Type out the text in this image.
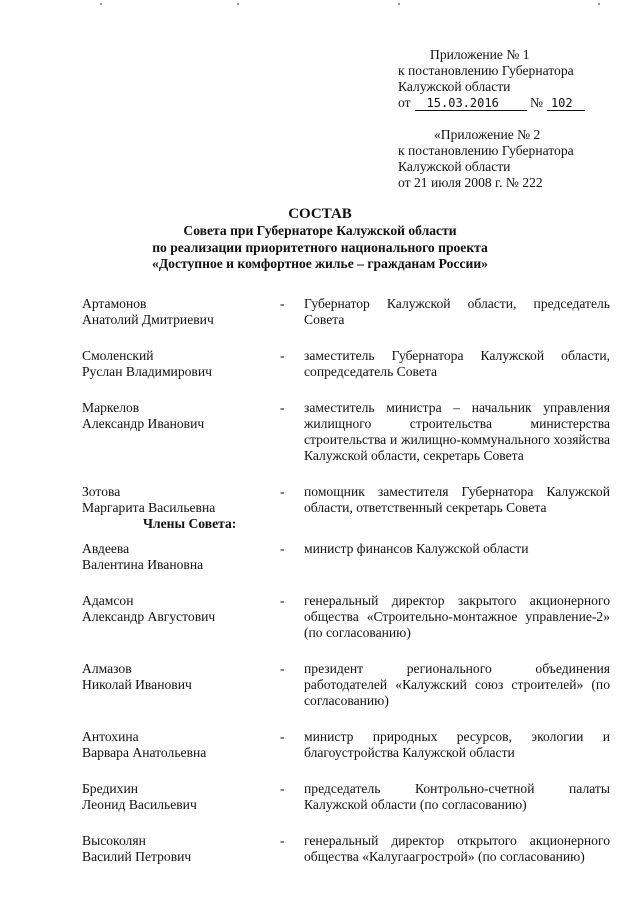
Приложение № 1
к постановлению Губернатора
Калужской области
от 15.03.2016 № 102
«Приложение № 2
к постановлению Губернатора
Калужской области
от 21 июля 2008 г. № 222
СОСТАВ
Совета при Губернаторе Калужской области
по реализации приоритетного национального проекта
«Доступное и комфортное жилье – гражданам России»
Артамонов
Анатолий Дмитриевич
-	Губернатор Калужской области, председатель Совета
Смоленский
Руслан Владимирович
-	заместитель Губернатора Калужской области, сопредседатель Совета
Маркелов
Александр Иванович
-	заместитель министра – начальник управления жилищного строительства министерства строительства и жилищно-коммунального хозяйства Калужской области, секретарь Совета
Зотова
Маргарита Васильевна
-	помощник заместителя Губернатора Калужской области, ответственный секретарь Совета
Члены Совета:
Авдеева
Валентина Ивановна
-	министр финансов Калужской области
Адамсон
Александр Августович
-	генеральный директор закрытого акционерного общества «Строительно-монтажное управление-2» (по согласованию)
Алмазов
Николай Иванович
-	президент регионального объединения работодателей «Калужский союз строителей» (по согласованию)
Антохина
Варвара Анатольевна
-	министр природных ресурсов, экологии и благоустройства Калужской области
Бредихин
Леонид Васильевич
-	председатель Контрольно-счетной палаты Калужской области (по согласованию)
Высоколян
Василий Петрович
-	генеральный директор открытого акционерного общества «Калугаагрострой» (по согласованию)
